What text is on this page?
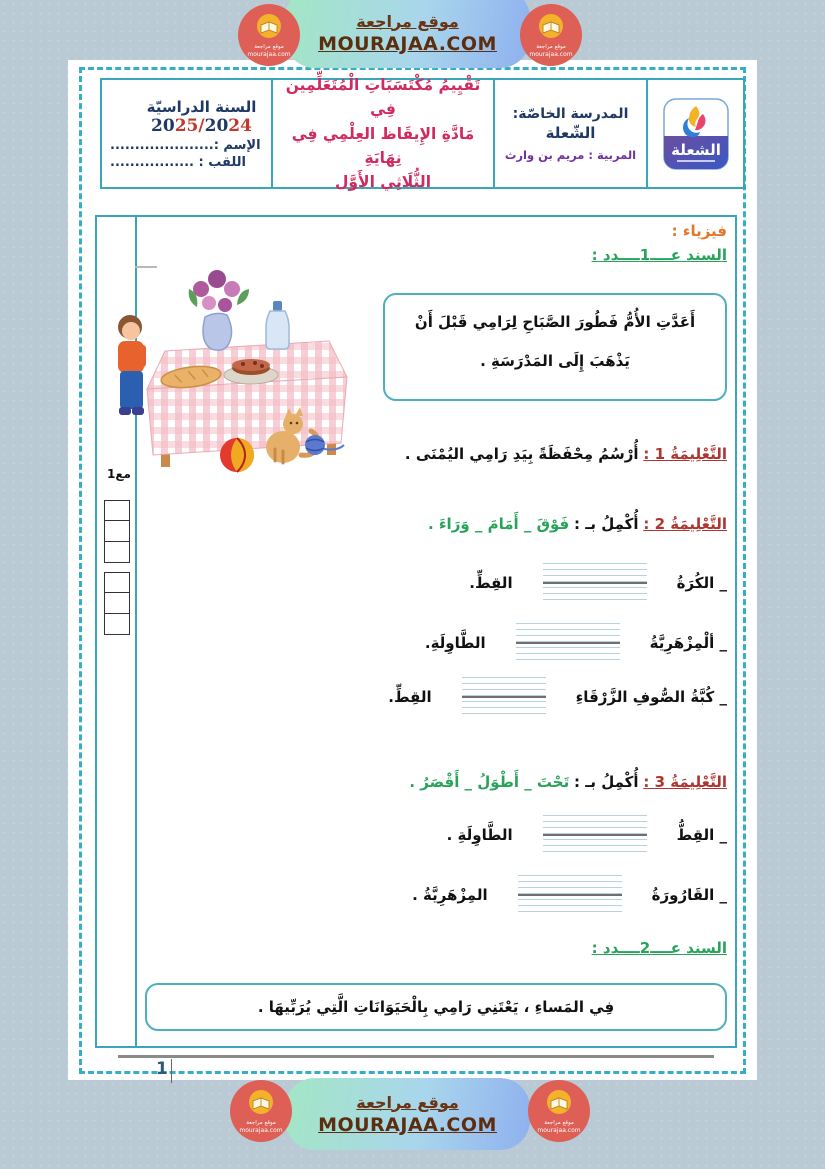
الشعلة
المدرسة الخاصّة:
الشّعلة
المربية : مريم بن وارث
تَقْيِيمُ مُكْتَسَبَاتِ الْمُتَعَلِّمِين فِي
مَادَّةِ الإِيقَاظ العِلْمِي فِي نِهَايَةِ
الثُّلَاثِي الأَوَّل
السنة الدراسيّة
2025/2024
الإسم :.....................
اللقب : .................
مع1
فيزياء :
السند عــــ1ــــدد :
أَعَدَّتِ الأُمُّ فَطُورَ الصَّبَاحِ لِرَامِي قَبْلَ أَنْ يَذْهَبَ إِلَى المَدْرَسَةِ .
التَّعْلِيمَةُ 1 : أُرْسُمُ مِحْفَظَةً بِيَدِ رَامِي اليُمْنَى .
التَّعْلِيمَةُ 2 : أُكْمِلُ بـ : فَوْقَ _ أَمَامَ _ وَرَاءَ .
_ الكُرَةُ
القِطِّ.
_ ألْمِزْهَرِيَّةُ
الطَّاوِلَةِ.
_ كُبَّةُ الصُّوفِ الزَّرْقَاءِ
القِطِّ.
التَّعْلِيمَةُ 3 : أُكْمِلُ بـ : تَحْتَ _ أَطْوَلُ _ أَقْصَرُ .
_ القِطُّ
الطَّاوِلَةِ .
_ القَارُورَةُ
المِزْهَرِيَّةُ .
السند عــــ2ــــدد :
فِي المَساءِ ، يَعْتَنِي رَامِي بِالْحَيَوَانَاتِ الَّتِي يُرَبِّيهَا .
1
موقع مراجعة
MOURAJAA.COM
موقع مراجعة
MOURAJAA.COM
موقع مراجعة
mourajaa.com
موقع مراجعة
mourajaa.com
موقع مراجعة
mourajaa.com
موقع مراجعة
mourajaa.com
